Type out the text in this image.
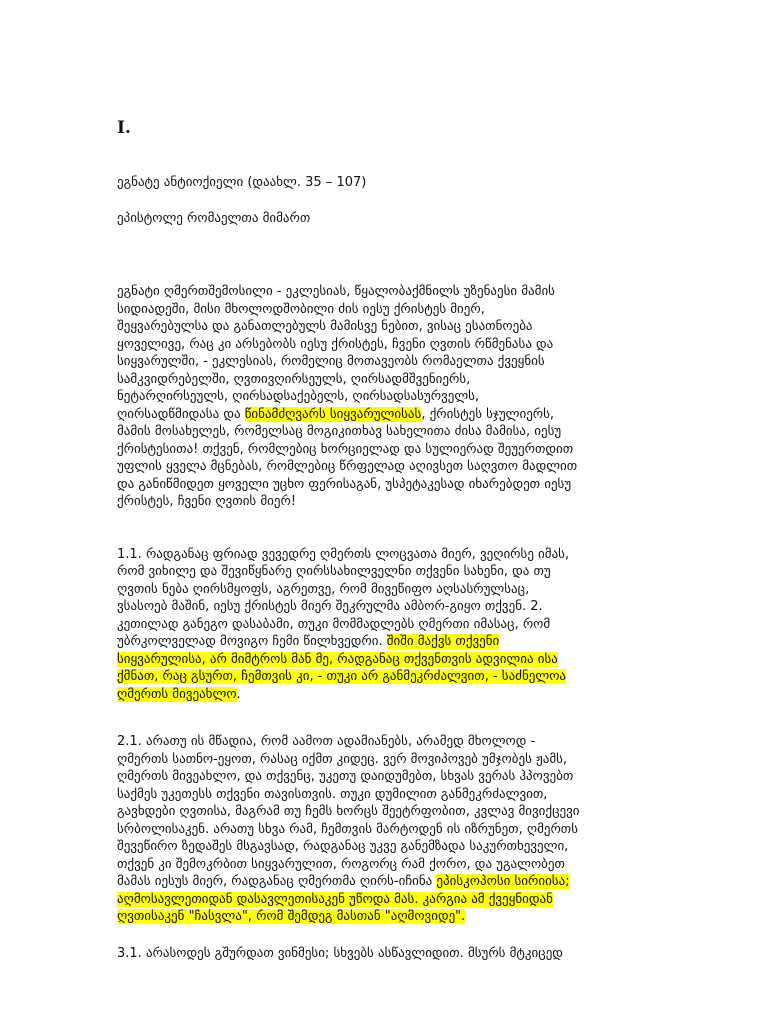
I.

ეგნატე ანტიოქიელი (დაახლ. 35 – 107)

ეპისტოლე რომაელთა მიმართ

ეგნატი ღმერთშემოსილი - ეკლესიას, წყალობაქმნილს უზენაესი მამის
სიდიადეში, მისი მხოლოდშობილი ძის იესუ ქრისტეს მიერ,
შეყვარებულსა და განათლებულს მამისვე ნებით, ვისაც ესათნოება
ყოველივე, რაც კი არსებობს იესუ ქრისტეს, ჩვენი ღვთის რწმენასა და
სიყვარულში, - ეკლესიას, რომელიც მოთავეობს რომაელთა ქვეყნის
სამკვიდრებელში, ღვთივღირსეულს, ღირსადმშვენიერს,
ნეტარღირსეულს, ღირსადსაქებელს, ღირსადსასურველს,
ღირსადწმიდასა და წინამძღვარს სიყვარულისას, ქრისტეს სჯულიერს,
მამის მოსახელეს, რომელსაც მოგიკითხავ სახელითა ძისა მამისა, იესუ
ქრისტესითა! თქვენ, რომლებიც ხორციელად და სულიერად შეუერთდით
უფლის ყველა მცნებას, რომლებიც წრფელად აღივსეთ საღვთო მადლით
და განიწმიდეთ ყოველი უცხო ფერისაგან, უსპეტაკესად იხარებდეთ იესუ
ქრისტეს, ჩვენი ღვთის მიერ!
1.1. რადგანაც ფრიად ვევედრე ღმერთს ლოცვათა მიერ, ვეღირსე იმას,
რომ ვიხილე და შევიწყნარე ღირსსახილველნი თქვენი სახენი, და თუ
ღვთის ნება ღირსმყოფს, აგრეთვე, რომ მივეწიფო აღსასრულსაც,
ვსასოებ მაშინ, იესუ ქრისტეს მიერ შეკრულმა ამბორ-გიყო თქვენ. 2.
კეთილად განეგო დასაბამი, თუკი მომმადლებს ღმერთი იმასაც, რომ
უბრკოლველად მოვიგო ჩემი წილხვედრი. შიში მაქვს თქვენი
სიყვარულისა, არ მიმტროს მან მე, რადგანაც თქვენთვის ადვილია ისა
ქმნათ, რაც გსურთ, ჩემთვის კი, - თუკი არ განმეკრძალვით, - საძნელოა
ღმერთს მივეახლო.
2.1. არათუ ის მწადია, რომ აამოთ ადამიანებს, არამედ მხოლოდ -
ღმერთს სათნო-ეყოთ, რასაც იქმთ კიდეც. ვერ მოვიპოვებ უმჯობეს ჟამს,
ღმერთს მივეახლო, და თქვენც, უკეთუ დაიდუმებთ, სხვას ვერას ჰპოვებთ
საქმეს უკეთესს თქვენი თავისთვის. თუკი დუმილით განმეკრძალვით,
გავხდები ღვთისა, მაგრამ თუ ჩემს ხორცს შეეტრფობით, კვლავ მივიქცევი
სრბოლისაკენ. არათუ სხვა რამ, ჩემთვის მარტოდენ ის იზრუნეთ, ღმერთს
შევეწირო ზედაშეს მსგავსად, რადგანაც უკვე განემზადა საკურთხეველი,
თქვენ კი შემოკრბით სიყვარულით, როგორც რამ ქორო, და უგალობეთ
მამას იესუს მიერ, რადგანაც ღმერთმა ღირს-იჩინა ეპისკოპოსი სირიისა;
აღმოსავლეთიდან დასავლეთისაკენ უწოდა მას. კარგია ამ ქვეყნიდან
ღვთისაკენ "ჩასვლა", რომ შემდეგ მასთან "აღმოვიდე".
3.1. არასოდეს გშურდათ ვინმესი; სხვებს ასწავლიდით. მსურს მტკიცედ
